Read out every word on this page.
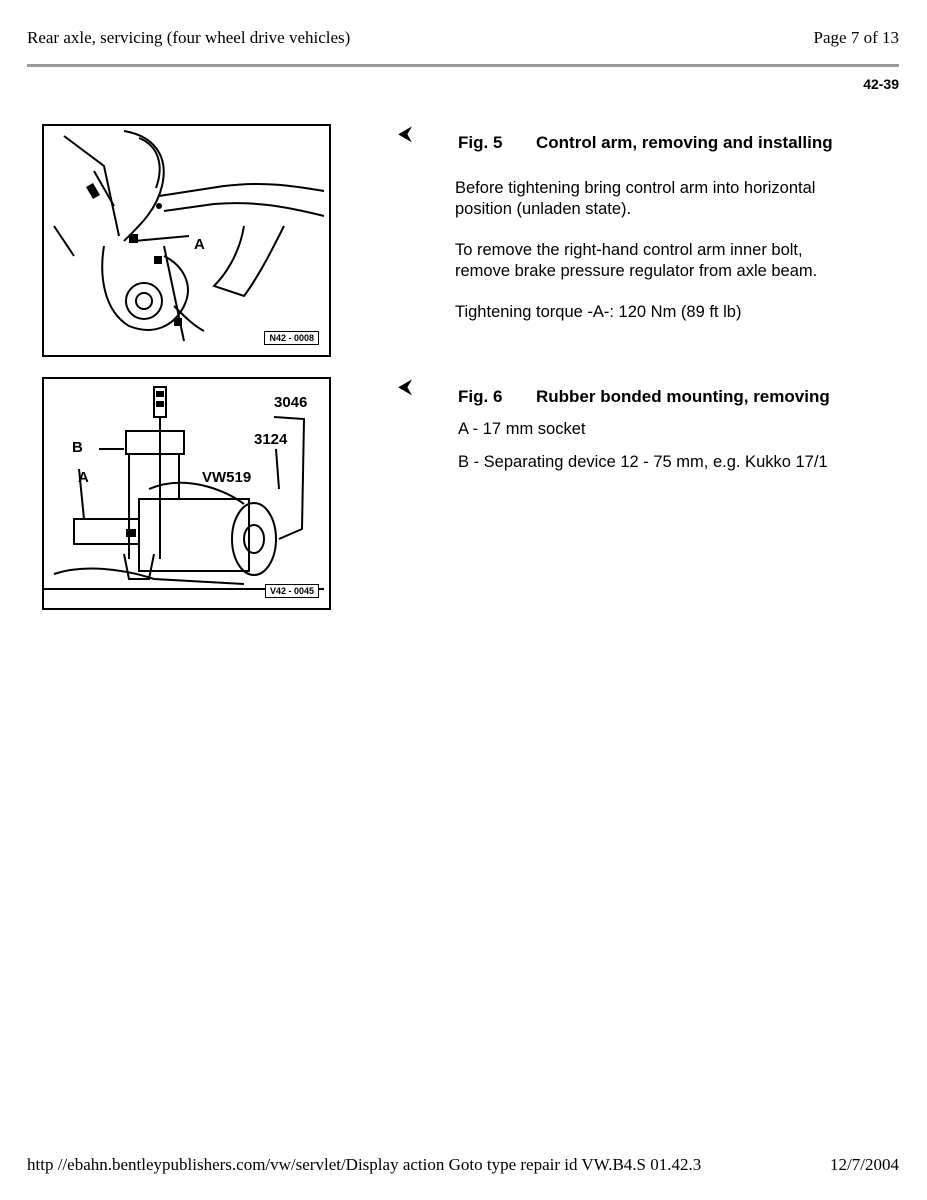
Rear axle, servicing (four wheel drive vehicles)	Page 7 of 13
42-39
A
N42 - 0008
3046
3124
VW519
B
A
V42 - 0045
⮜	Fig. 5 Control arm, removing and installing
Before tightening bring control arm into horizontal
position (unladen state).
To remove the right-hand control arm inner bolt,
remove brake pressure regulator from axle beam.
Tightening torque -A-: 120 Nm (89 ft lb)
⮜	Fig. 6 Rubber bonded mounting, removing
A - 17 mm socket
B - Separating device 12 - 75 mm, e.g. Kukko 17/1
http //ebahn.bentleypublishers.com/vw/servlet/Display action Goto type repair id VW.B4.S 01.42.3	12/7/2004
